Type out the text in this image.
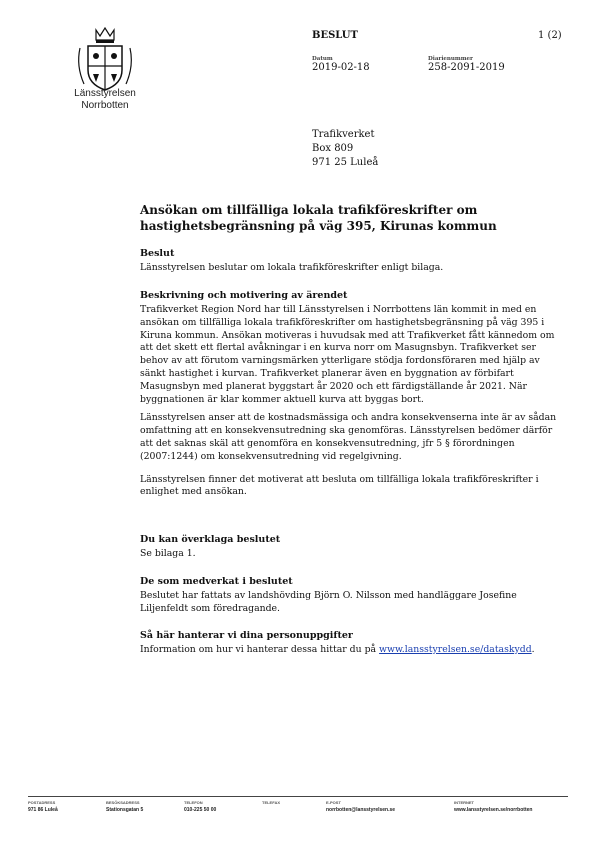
Länsstyrelsen
Norrbotten
BESLUT	1 (2)
Datum
2019-02-18
Diarienummer
258-2091-2019
Trafikverket
Box 809
971 25 Luleå
Ansökan om tillfälliga lokala trafikföreskrifter om hastighetsbegränsning på väg 395, Kirunas kommun

Beslut

Länsstyrelsen beslutar om lokala trafikföreskrifter enligt bilaga.

Beskrivning och motivering av ärendet

Trafikverket Region Nord har till Länsstyrelsen i Norrbottens län kommit in med en ansökan om tillfälliga lokala trafikföreskrifter om hastighetsbegränsning på väg 395 i Kiruna kommun. Ansökan motiveras i huvudsak med att Trafikverket fått kännedom om att det skett ett flertal avåkningar i en kurva norr om Masugnsbyn. Trafikverket ser behov av att förutom varningsmärken ytterligare stödja fordonsföraren med hjälp av sänkt hastighet i kurvan. Trafikverket planerar även en byggnation av förbifart Masugnsbyn med planerat byggstart år 2020 och ett färdigställande år 2021. När byggnationen är klar kommer aktuell kurva att byggas bort.

Länsstyrelsen anser att de kostnadsmässiga och andra konsekvenserna inte är av sådan omfattning att en konsekvensutredning ska genomföras. Länsstyrelsen bedömer därför att det saknas skäl att genomföra en konsekvensutredning, jfr 5 § förordningen (2007:1244) om konsekvensutredning vid regelgivning.

Länsstyrelsen finner det motiverat att besluta om tillfälliga lokala trafikföreskrifter i enlighet med ansökan.

Du kan överklaga beslutet

Se bilaga 1.

De som medverkat i beslutet

Beslutet har fattats av landshövding Björn O. Nilsson med handläggare Josefine Liljenfeldt som föredragande.

Så här hanterar vi dina personuppgifter

Information om hur vi hanterar dessa hittar du på www.lansstyrelsen.se/dataskydd.

POSTADRESS
971 86 Luleå
BESÖKSADRESS
Stationsgatan 5
TELEFON
010-225 50 00
TELEFAX	E-POST
norrbotten@lansstyrelsen.se
INTERNET
www.lansstyrelsen.se/norrbotten
